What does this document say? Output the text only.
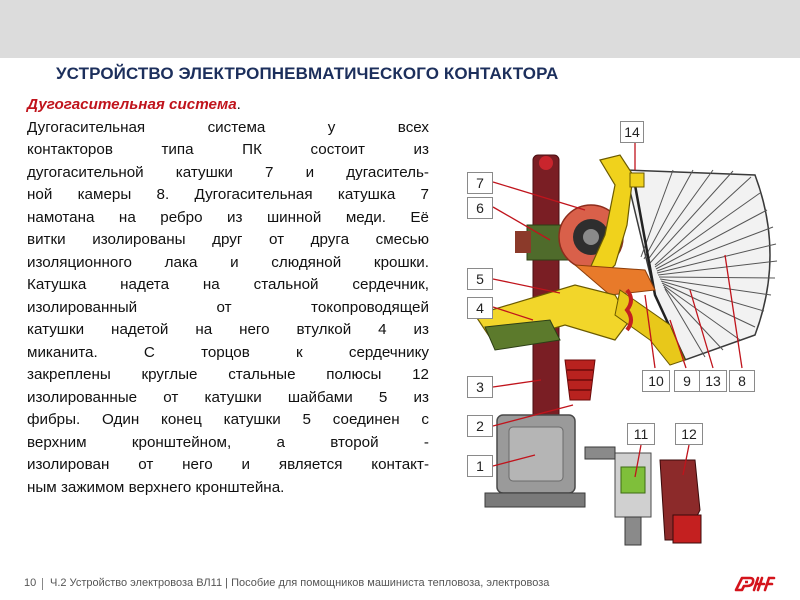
УСТРОЙСТВО ЭЛЕКТРОПНЕВМАТИЧЕСКОГО КОНТАКТОРА
Дугогасительная система.
Дугогасительная система у всех
контакторов типа ПК состоит из
дугогасительной катушки 7 и дугаситель-
ной камеры 8. Дугогасительная катушка 7
намотана на ребро из шинной меди. Её
витки изолированы друг от друга смесью
изоляционного лака и слюдяной крошки.
Катушка надета на стальной сердечник,
изолированный от токопроводящей
катушки надетой на него втулкой 4 из
миканита. С торцов к сердечнику
закреплены круглые стальные полюсы 12
изолированные от катушки шайбами 5 из
фибры. Один конец катушки 5 соединен с
верхним кронштейном, а второй -
изолирован от него и является контакт-
ным зажимом верхнего кронштейна.
14
7
6
5
4
3
2
1
10	9	13	8
11	12
10 Ч.2 Устройство электровоза ВЛ11 | Пособие для помощников машиниста тепловоза, электровоза
